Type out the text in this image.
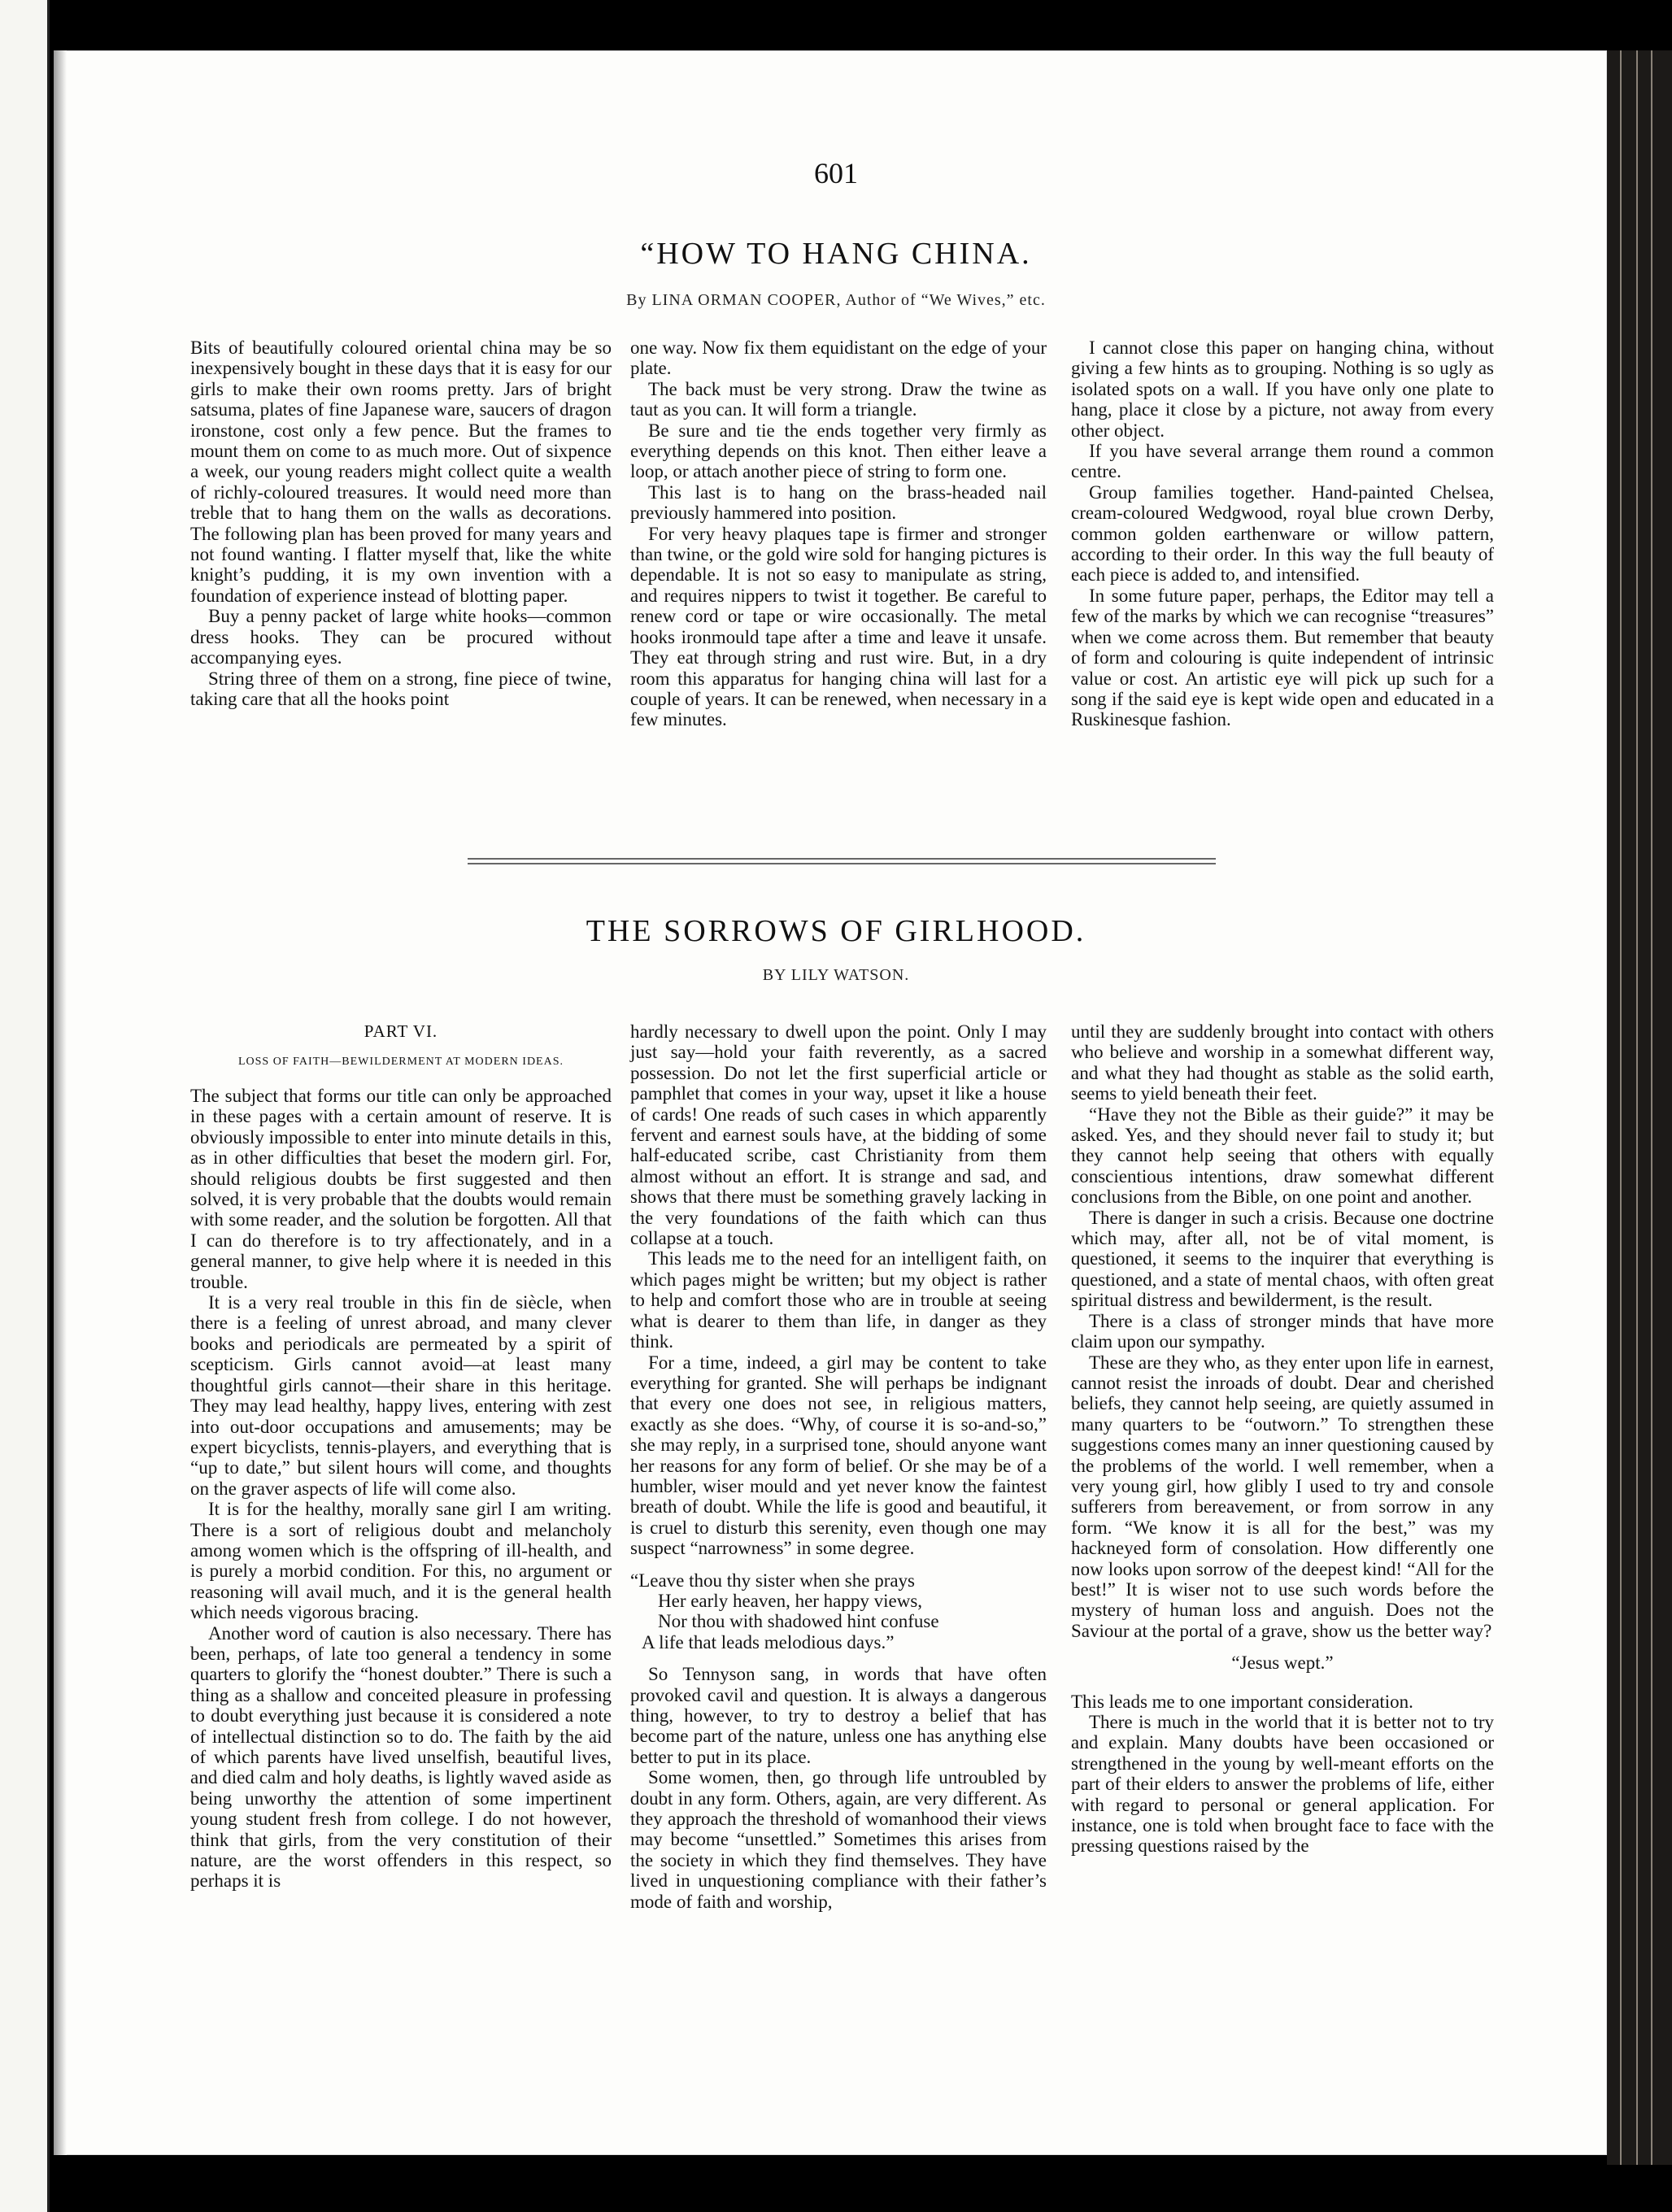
601
“HOW TO HANG CHINA.
By LINA ORMAN COOPER, Author of “We Wives,” etc.

Bits of beautifully coloured oriental china may be so inexpensively bought in these days that it is easy for our girls to make their own rooms pretty. Jars of bright satsuma, plates of fine Japanese ware, saucers of dragon ironstone, cost only a few pence. But the frames to mount them on come to as much more. Out of sixpence a week, our young readers might collect quite a wealth of richly-coloured treasures. It would need more than treble that to hang them on the walls as decorations. The following plan has been proved for many years and not found wanting. I flatter myself that, like the white knight’s pudding, it is my own invention with a foundation of experience instead of blotting paper.

Buy a penny packet of large white hooks—common dress hooks. They can be procured without accompanying eyes.

String three of them on a strong, fine piece of twine, taking care that all the hooks point

one way. Now fix them equidistant on the edge of your plate.

The back must be very strong. Draw the twine as taut as you can. It will form a triangle.

Be sure and tie the ends together very firmly as everything depends on this knot. Then either leave a loop, or attach another piece of string to form one.

This last is to hang on the brass-headed nail previously hammered into position.

For very heavy plaques tape is firmer and stronger than twine, or the gold wire sold for hanging pictures is dependable. It is not so easy to manipulate as string, and requires nippers to twist it together. Be careful to renew cord or tape or wire occasionally. The metal hooks ironmould tape after a time and leave it unsafe. They eat through string and rust wire. But, in a dry room this apparatus for hanging china will last for a couple of years. It can be renewed, when necessary in a few minutes.

I cannot close this paper on hanging china, without giving a few hints as to grouping. Nothing is so ugly as isolated spots on a wall. If you have only one plate to hang, place it close by a picture, not away from every other object.

If you have several arrange them round a common centre.

Group families together. Hand-painted Chelsea, cream-coloured Wedgwood, royal blue crown Derby, common golden earthenware or willow pattern, according to their order. In this way the full beauty of each piece is added to, and intensified.

In some future paper, perhaps, the Editor may tell a few of the marks by which we can recognise “treasures” when we come across them. But remember that beauty of form and colouring is quite independent of intrinsic value or cost. An artistic eye will pick up such for a song if the said eye is kept wide open and educated in a Ruskinesque fashion.

THE SORROWS OF GIRLHOOD.
BY LILY WATSON.
PART VI.
LOSS OF FAITH—BEWILDERMENT AT MODERN IDEAS.

The subject that forms our title can only be approached in these pages with a certain amount of reserve. It is obviously impossible to enter into minute details in this, as in other difficulties that beset the modern girl. For, should religious doubts be first suggested and then solved, it is very probable that the doubts would remain with some reader, and the solution be forgotten. All that I can do therefore is to try affectionately, and in a general manner, to give help where it is needed in this trouble.

It is a very real trouble in this fin de siècle, when there is a feeling of unrest abroad, and many clever books and periodicals are permeated by a spirit of scepticism. Girls cannot avoid—at least many thoughtful girls cannot—their share in this heritage. They may lead healthy, happy lives, entering with zest into out-door occupations and amusements; may be expert bicyclists, tennis-players, and everything that is “up to date,” but silent hours will come, and thoughts on the graver aspects of life will come also.

It is for the healthy, morally sane girl I am writing. There is a sort of religious doubt and melancholy among women which is the offspring of ill-health, and is purely a morbid condition. For this, no argument or reasoning will avail much, and it is the general health which needs vigorous bracing.

Another word of caution is also necessary. There has been, perhaps, of late too general a tendency in some quarters to glorify the “honest doubter.” There is such a thing as a shallow and conceited pleasure in professing to doubt everything just because it is considered a note of intellectual distinction so to do. The faith by the aid of which parents have lived unselfish, beautiful lives, and died calm and holy deaths, is lightly waved aside as being unworthy the attention of some impertinent young student fresh from college. I do not however, think that girls, from the very constitution of their nature, are the worst offenders in this respect, so perhaps it is

hardly necessary to dwell upon the point. Only I may just say—hold your faith reverently, as a sacred possession. Do not let the first superficial article or pamphlet that comes in your way, upset it like a house of cards! One reads of such cases in which apparently fervent and earnest souls have, at the bidding of some half-educated scribe, cast Christianity from them almost without an effort. It is strange and sad, and shows that there must be something gravely lacking in the very foundations of the faith which can thus collapse at a touch.

This leads me to the need for an intelligent faith, on which pages might be written; but my object is rather to help and comfort those who are in trouble at seeing what is dearer to them than life, in danger as they think.

For a time, indeed, a girl may be content to take everything for granted. She will perhaps be indignant that every one does not see, in religious matters, exactly as she does. “Why, of course it is so-and-so,” she may reply, in a surprised tone, should anyone want her reasons for any form of belief. Or she may be of a humbler, wiser mould and yet never know the faintest breath of doubt. While the life is good and beautiful, it is cruel to disturb this serenity, even though one may suspect “narrowness” in some degree.

“Leave thou thy sister when she prays
Her early heaven, her happy views,
Nor thou with shadowed hint confuse
A life that leads melodious days.”

So Tennyson sang, in words that have often provoked cavil and question. It is always a dangerous thing, however, to try to destroy a belief that has become part of the nature, unless one has anything else better to put in its place.

Some women, then, go through life untroubled by doubt in any form. Others, again, are very different. As they approach the threshold of womanhood their views may become “unsettled.” Sometimes this arises from the society in which they find themselves. They have lived in unquestioning compliance with their father’s mode of faith and worship,

until they are suddenly brought into contact with others who believe and worship in a somewhat different way, and what they had thought as stable as the solid earth, seems to yield beneath their feet.

“Have they not the Bible as their guide?” it may be asked. Yes, and they should never fail to study it; but they cannot help seeing that others with equally conscientious intentions, draw somewhat different conclusions from the Bible, on one point and another.

There is danger in such a crisis. Because one doctrine which may, after all, not be of vital moment, is questioned, it seems to the inquirer that everything is questioned, and a state of mental chaos, with often great spiritual distress and bewilderment, is the result.

There is a class of stronger minds that have more claim upon our sympathy.

These are they who, as they enter upon life in earnest, cannot resist the inroads of doubt. Dear and cherished beliefs, they cannot help seeing, are quietly assumed in many quarters to be “outworn.” To strengthen these suggestions comes many an inner questioning caused by the problems of the world. I well remember, when a very young girl, how glibly I used to try and console sufferers from bereavement, or from sorrow in any form. “We know it is all for the best,” was my hackneyed form of consolation. How differently one now looks upon sorrow of the deepest kind! “All for the best!” It is wiser not to use such words before the mystery of human loss and anguish. Does not the Saviour at the portal of a grave, show us the better way?

“Jesus wept.”

This leads me to one important consideration.

There is much in the world that it is better not to try and explain. Many doubts have been occasioned or strengthened in the young by well-meant efforts on the part of their elders to answer the problems of life, either with regard to personal or general application. For instance, one is told when brought face to face with the pressing questions raised by the
